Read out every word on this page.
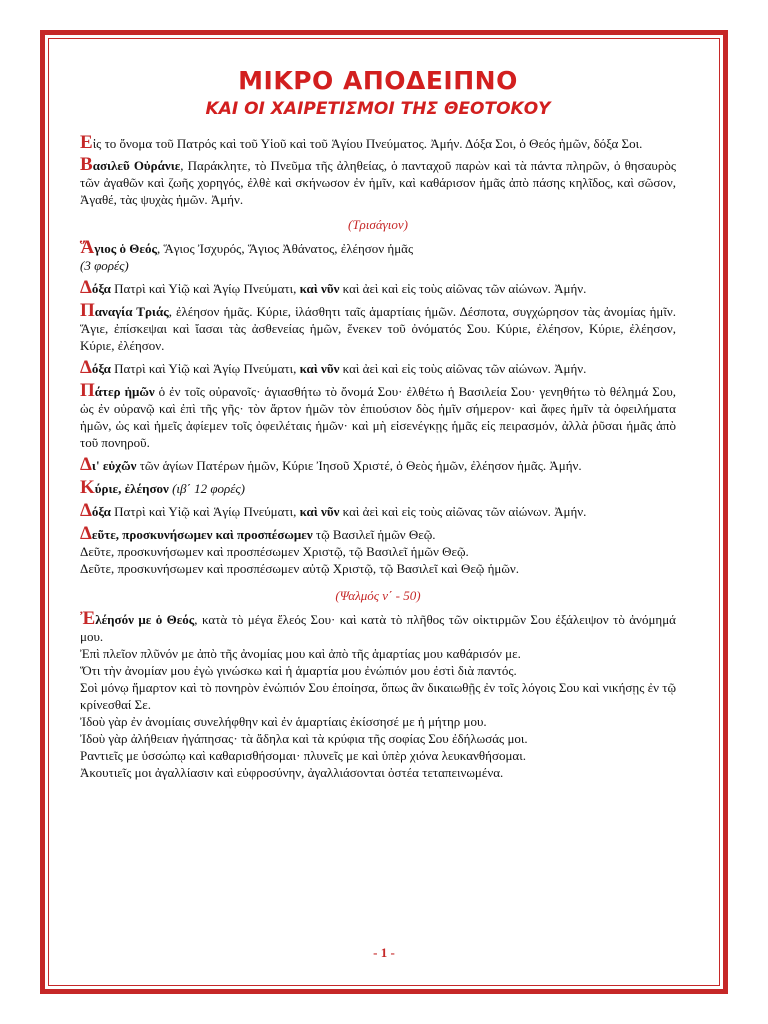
ΜΙΚΡΟ ΑΠΟΔΕΙΠΝΟ
ΚΑΙ ΟΙ ΧΑΙΡΕΤΙΣΜΟΙ ΤΗΣ ΘΕΟΤΟΚΟΥ

Εἰς το ὄνομα τοῦ Πατρός καὶ τοῦ Υἱοῦ καὶ τοῦ Ἁγίου Πνεύματος. Ἀμήν. Δόξα Σοι, ὁ Θεός ἡμῶν, δόξα Σοι.

Βασιλεῦ Οὐράνιε, Παράκλητε, τὸ Πνεῦμα τῆς ἀληθείας, ὁ πανταχοῦ παρὼν καὶ τὰ πάντα πληρῶν, ὁ θησαυρὸς τῶν ἀγαθῶν καὶ ζωῆς χορηγός, ἐλθὲ καὶ σκήνωσον ἐν ἡμῖν, καὶ καθάρισον ἡμᾶς ἀπὸ πάσης κηλῖδος, καὶ σῶσον, Ἀγαθέ, τὰς ψυχὰς ἡμῶν. Ἀμήν.

(Τρισάγιον)

Ἅγιος ὁ Θεός, Ἅγιος Ἰσχυρός, Ἅγιος Ἀθάνατος, ἐλέησον ἡμᾶς
(3 φορές)

Δόξα Πατρὶ καὶ Υἱῷ καὶ Ἁγίῳ Πνεύματι, καὶ νῦν καὶ ἀεὶ καὶ εἰς τοὺς αἰῶνας τῶν αἰώνων. Ἀμήν.

Παναγία Τριάς, ἐλέησον ἡμᾶς. Κύριε, ἱλάσθητι ταῖς ἁμαρτίαις ἡμῶν. Δέσποτα, συγχώρησον τὰς ἀνομίας ἡμῖν. Ἅγιε, ἐπίσκεψαι καὶ ἴασαι τὰς ἀσθενείας ἡμῶν, ἕνεκεν τοῦ ὀνόματός Σου. Κύριε, ἐλέησον, Κύριε, ἐλέησον, Κύριε, ἐλέησον.

Δόξα Πατρὶ καὶ Υἱῷ καὶ Ἁγίῳ Πνεύματι, καὶ νῦν καὶ ἀεὶ καὶ εἰς τοὺς αἰῶνας τῶν αἰώνων. Ἀμήν.

Πάτερ ἡμῶν ὁ ἐν τοῖς οὐρανοῖς· ἁγιασθήτω τὸ ὄνομά Σου· ἐλθέτω ἡ Βασιλεία Σου· γενηθήτω τὸ θέλημά Σου, ὡς ἐν οὐρανῷ καὶ ἐπὶ τῆς γῆς· τὸν ἄρτον ἡμῶν τὸν ἐπιούσιον δὸς ἡμῖν σήμερον· καὶ ἄφες ἡμῖν τὰ ὀφειλήματα ἡμῶν, ὡς καὶ ἡμεῖς ἀφίεμεν τοῖς ὀφειλέταις ἡμῶν· καὶ μὴ εἰσενέγκῃς ἡμᾶς εἰς πειρασμόν, ἀλλὰ ῥῦσαι ἡμᾶς ἀπὸ τοῦ πονηροῦ.

Δι' εὐχῶν τῶν ἁγίων Πατέρων ἡμῶν, Κύριε Ἰησοῦ Χριστέ, ὁ Θεὸς ἡμῶν, ἐλέησον ἡμᾶς. Ἀμήν.

Κύριε, ἐλέησον (ιβ΄ 12 φορές)

Δόξα Πατρὶ καὶ Υἱῷ καὶ Ἁγίῳ Πνεύματι, καὶ νῦν καὶ ἀεὶ καὶ εἰς τοὺς αἰῶνας τῶν αἰώνων. Ἀμήν.

Δεῦτε, προσκυνήσωμεν καὶ προσπέσωμεν τῷ Βασιλεῖ ἡμῶν Θεῷ.
Δεῦτε, προσκυνήσωμεν καὶ προσπέσωμεν Χριστῷ, τῷ Βασιλεῖ ἡμῶν Θεῷ.
Δεῦτε, προσκυνήσωμεν καὶ προσπέσωμεν αὐτῷ Χριστῷ, τῷ Βασιλεῖ καὶ Θεῷ ἡμῶν.

(Ψαλμός ν΄ - 50)

Ἐλέησόν με ὁ Θεός, κατὰ τὸ μέγα ἔλεός Σου· καὶ κατὰ τὸ πλῆθος τῶν οἰκτιρμῶν Σου ἐξάλειψον τὸ ἀνόμημά μου.
Ἐπὶ πλεῖον πλῦνόν με ἀπὸ τῆς ἀνομίας μου καὶ ἀπὸ τῆς ἁμαρτίας μου καθάρισόν με.
Ὅτι τὴν ἀνομίαν μου ἐγὼ γινώσκω καὶ ἡ ἁμαρτία μου ἐνώπιόν μου ἐστὶ διὰ παντός.
Σοὶ μόνῳ ἥμαρτον καὶ τὸ πονηρὸν ἐνώπιόν Σου ἐποίησα, ὅπως ἂν δικαιωθῇς ἐν τοῖς λόγοις Σου καὶ νικήσῃς ἐν τῷ κρίνεσθαί Σε.
Ἰδοὺ γὰρ ἐν ἀνομίαις συνελήφθην καὶ ἐν ἁμαρτίαις ἐκίσσησέ με ἡ μήτηρ μου.
Ἰδοὺ γὰρ ἀλήθειαν ἠγάπησας· τὰ ἄδηλα καὶ τὰ κρύφια τῆς σοφίας Σου ἐδήλωσάς μοι.
Ραντιεῖς με ὑσσώπῳ καὶ καθαρισθήσομαι· πλυνεῖς με καὶ ὑπὲρ χιόνα λευκανθήσομαι.
Ἀκουτιεῖς μοι ἀγαλλίασιν καὶ εὐφροσύνην, ἀγαλλιάσονται ὀστέα τεταπεινωμένα.

- 1 -
